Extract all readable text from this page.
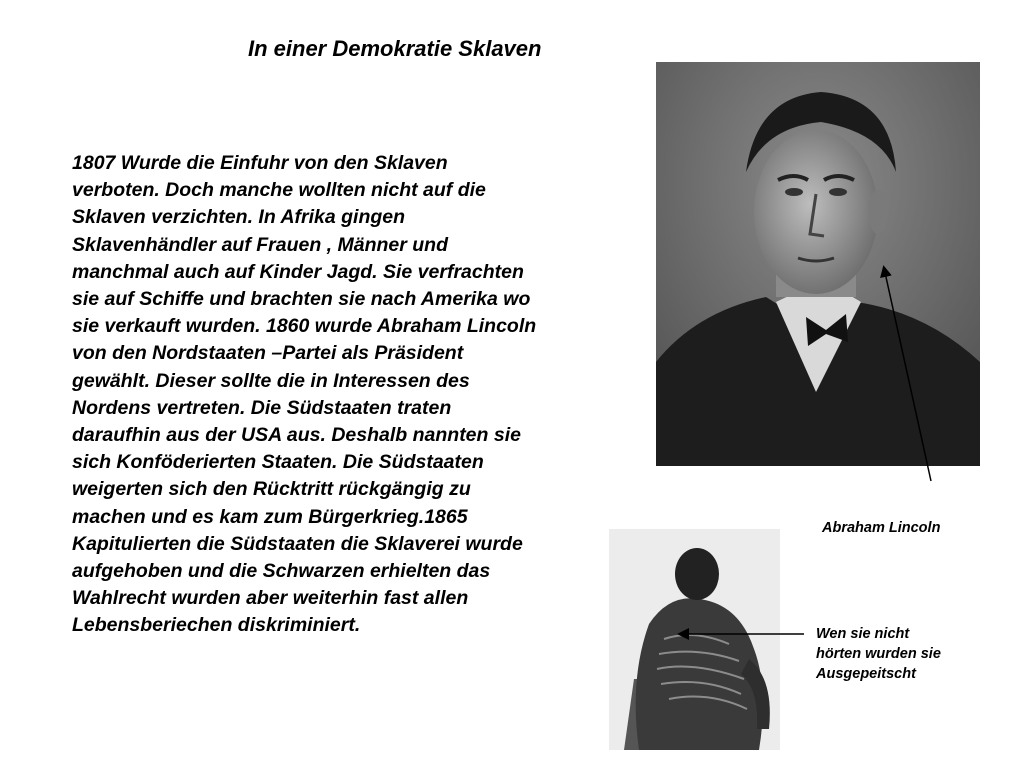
In einer Demokratie Sklaven
1807 Wurde die Einfuhr von den Sklaven
verboten. Doch manche wollten nicht auf die
Sklaven verzichten. In Afrika gingen
Sklavenhändler auf Frauen , Männer und
manchmal auch auf Kinder Jagd. Sie verfrachten
sie auf Schiffe und brachten sie nach Amerika wo
sie verkauft wurden. 1860 wurde Abraham Lincoln
von den Nordstaaten –Partei als Präsident
gewählt. Dieser sollte die in Interessen des
Nordens vertreten. Die Südstaaten traten
daraufhin aus der USA aus. Deshalb nannten sie
sich Konföderierten Staaten. Die Südstaaten
weigerten sich den Rücktritt rückgängig zu
machen und es kam zum Bürgerkrieg.1865
Kapitulierten die Südstaaten die Sklaverei wurde
aufgehoben und die Schwarzen erhielten das
Wahlrecht wurden aber weiterhin fast allen
Lebensberiechen diskriminiert.
Abraham Lincoln
Wen sie nicht
hörten wurden sie
Ausgepeitscht
